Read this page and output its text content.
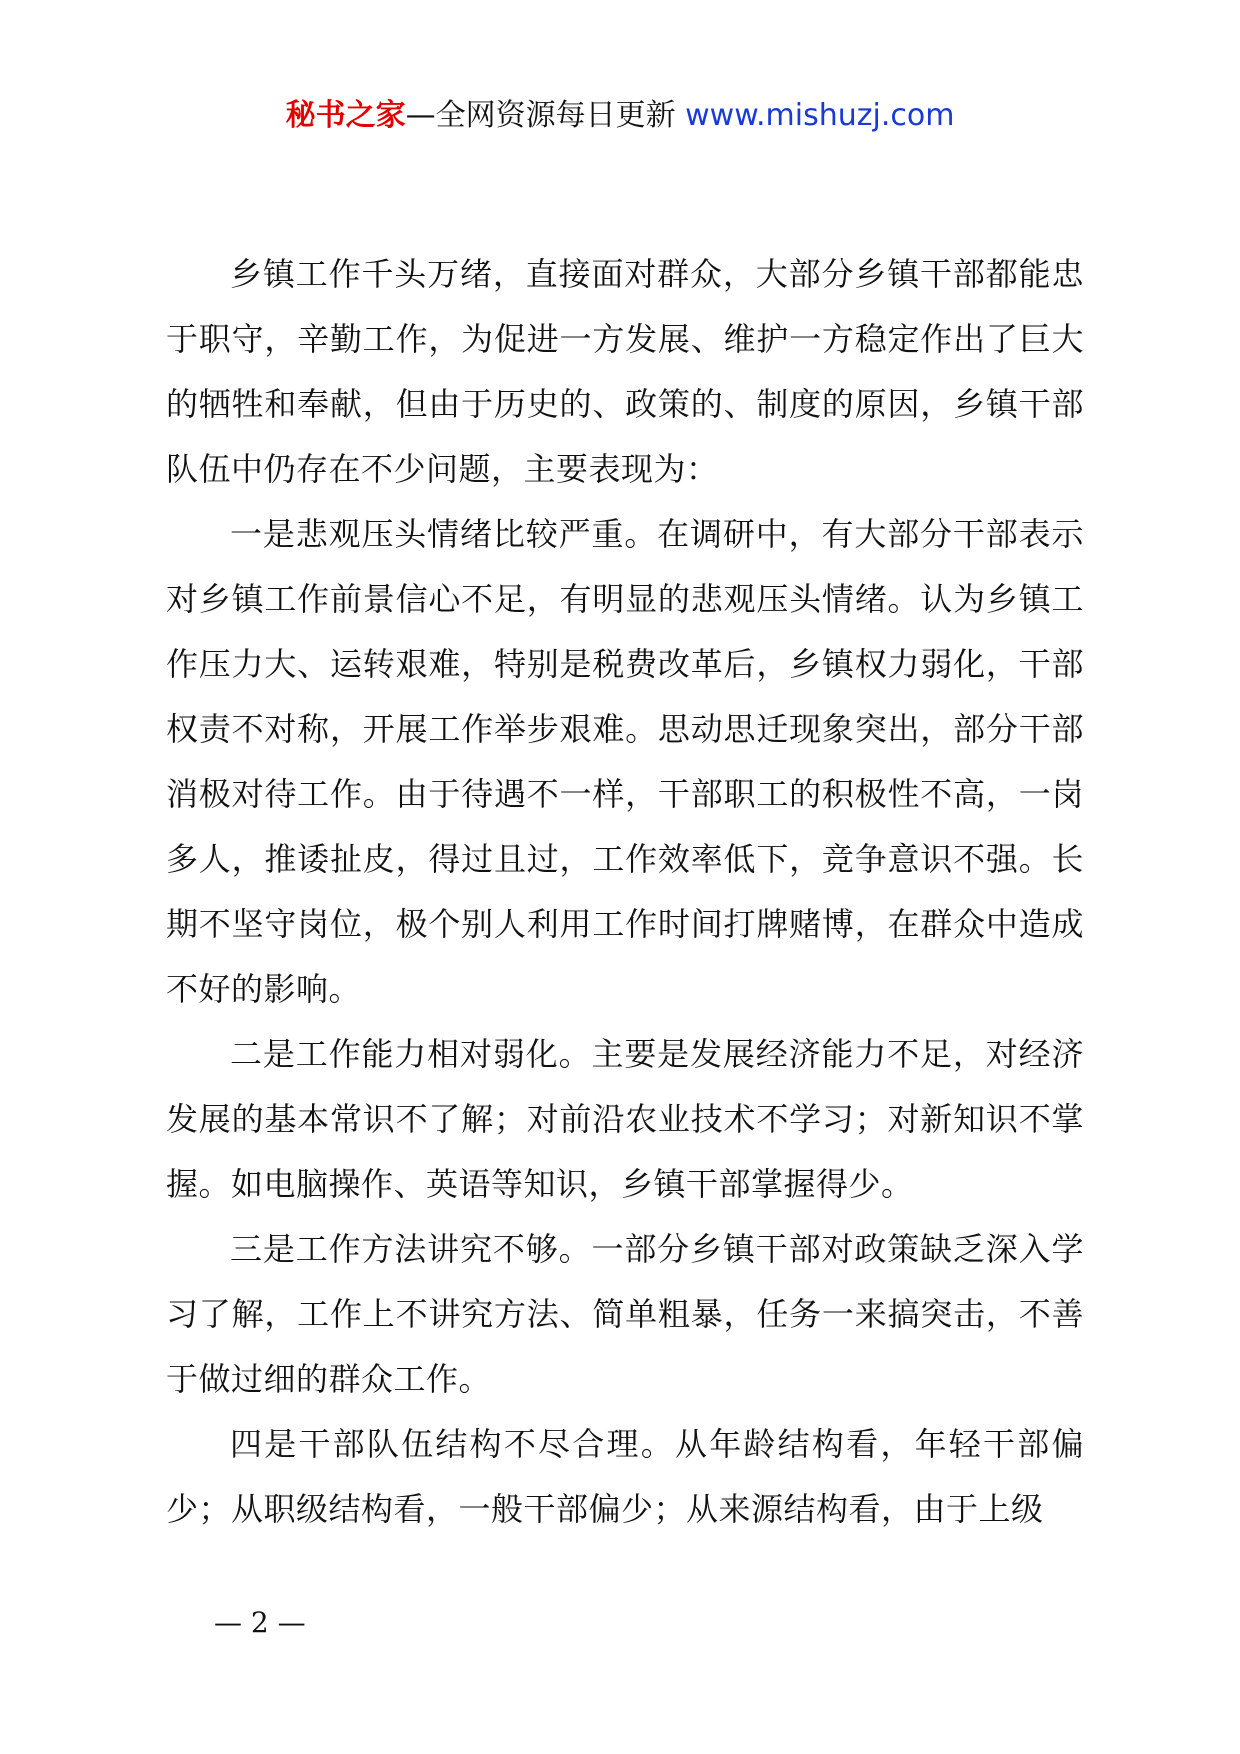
秘书之家—全网资源每日更新 www.mishuzj.com

乡镇工作千头万绪，直接面对群众，大部分乡镇干部都能忠于职守，辛勤工作，为促进一方发展、维护一方稳定作出了巨大的牺牲和奉献，但由于历史的、政策的、制度的原因，乡镇干部队伍中仍存在不少问题，主要表现为：

一是悲观压头情绪比较严重。在调研中，有大部分干部表示对乡镇工作前景信心不足，有明显的悲观压头情绪。认为乡镇工作压力大、运转艰难，特别是税费改革后，乡镇权力弱化，干部权责不对称，开展工作举步艰难。思动思迁现象突出，部分干部消极对待工作。由于待遇不一样，干部职工的积极性不高，一岗多人，推诿扯皮，得过且过，工作效率低下，竞争意识不强。长期不坚守岗位，极个别人利用工作时间打牌赌博，在群众中造成不好的影响。

二是工作能力相对弱化。主要是发展经济能力不足，对经济发展的基本常识不了解；对前沿农业技术不学习；对新知识不掌握。如电脑操作、英语等知识，乡镇干部掌握得少。

三是工作方法讲究不够。一部分乡镇干部对政策缺乏深入学习了解，工作上不讲究方法、简单粗暴，任务一来搞突击，不善于做过细的群众工作。

四是干部队伍结构不尽合理。从年龄结构看，年轻干部偏少；从职级结构看，一般干部偏少；从来源结构看，由于上级

— 2 —
